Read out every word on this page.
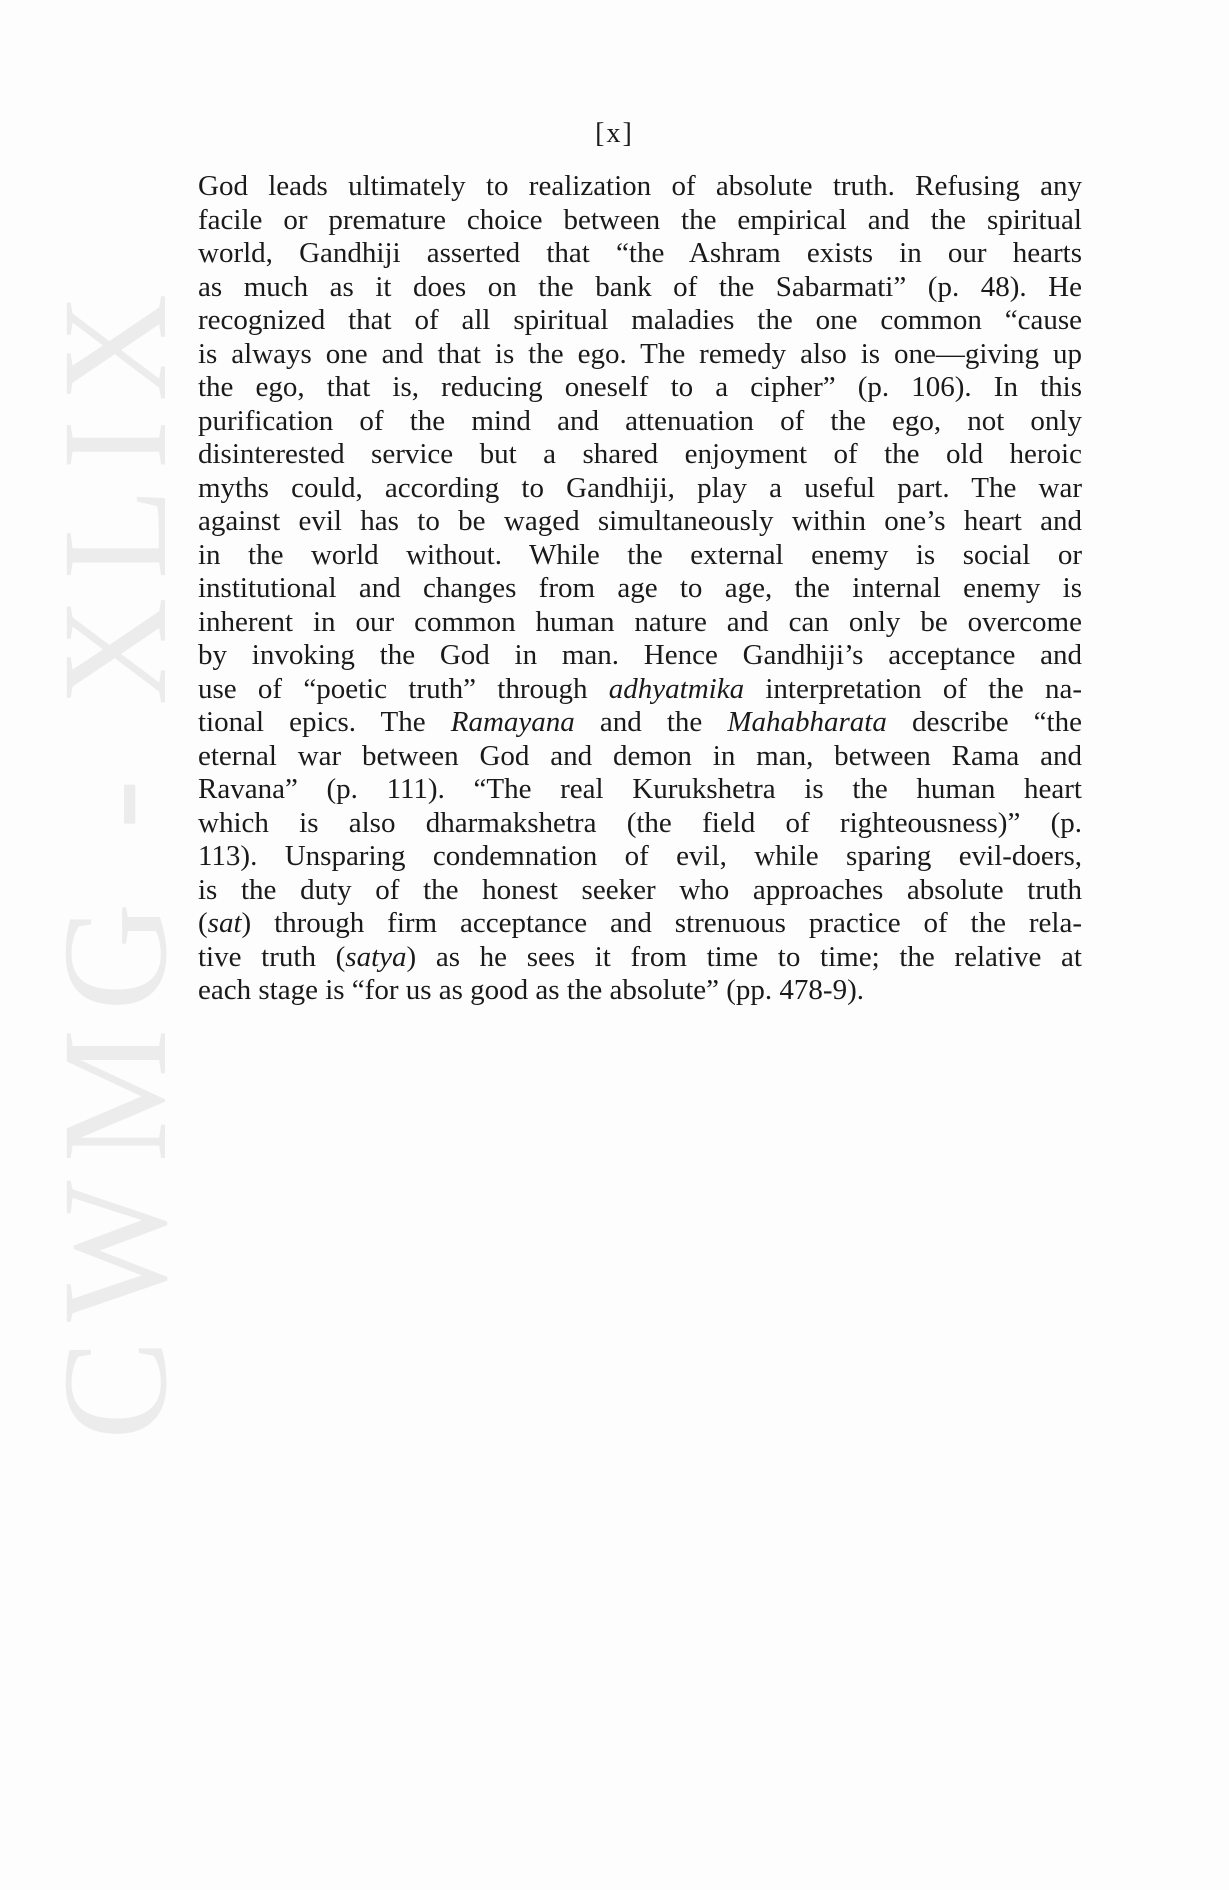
CWMG - XLIX
[x]
God leads ultimately to realization of absolute truth. Refusing any
facile or premature choice between the empirical and the spiritual
world, Gandhiji asserted that “the Ashram exists in our hearts
as much as it does on the bank of the Sabarmati” (p. 48). He
recognized that of all spiritual maladies the one common “cause
is always one and that is the ego. The remedy also is one—giving up
the ego, that is, reducing oneself to a cipher” (p. 106). In this
purification of the mind and attenuation of the ego, not only
disinterested service but a shared enjoyment of the old heroic
myths could, according to Gandhiji, play a useful part. The war
against evil has to be waged simultaneously within one’s heart and
in the world without. While the external enemy is social or
institutional and changes from age to age, the internal enemy is
inherent in our common human nature and can only be overcome
by invoking the God in man. Hence Gandhiji’s acceptance and
use of “poetic truth” through adhyatmika interpretation of the na-
tional epics. The Ramayana and the Mahabharata describe “the
eternal war between God and demon in man, between Rama and
Ravana” (p. 111). “The real Kurukshetra is the human heart
which is also dharmakshetra (the field of righteousness)” (p.
113). Unsparing condemnation of evil, while sparing evil-doers,
is the duty of the honest seeker who approaches absolute truth
(sat) through firm acceptance and strenuous practice of the rela-
tive truth (satya) as he sees it from time to time; the relative at
each stage is “for us as good as the absolute” (pp. 478-9).
